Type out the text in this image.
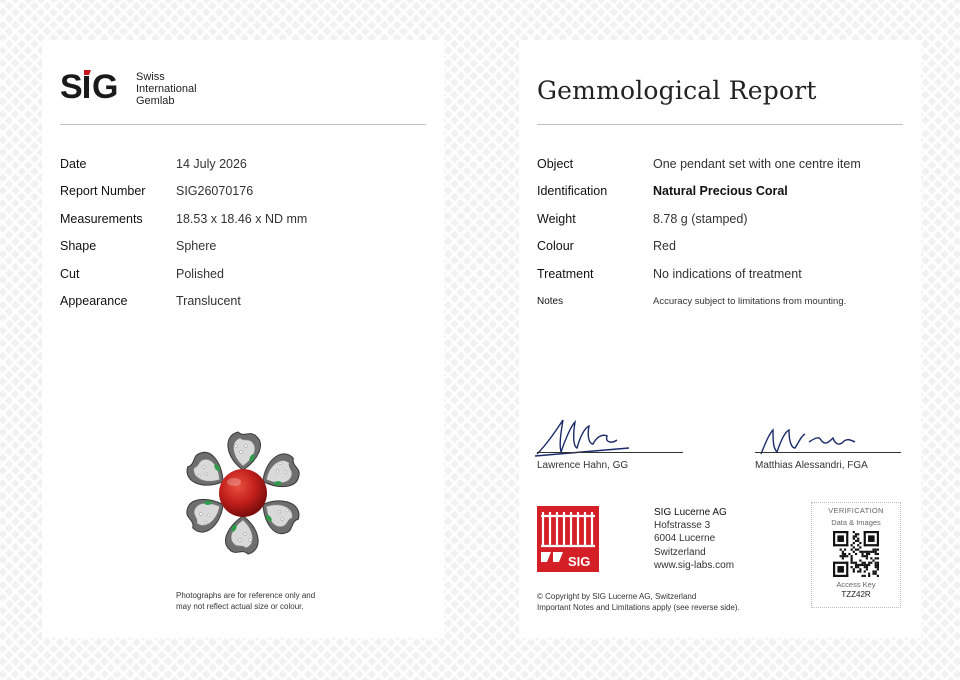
S G Swiss
International
Gemlab
Date	14 July 2026
Report Number	SIG26070176
Measurements	18.53 x 18.46 x ND mm
Shape	Sphere
Cut	Polished
Appearance	Translucent
Photographs are for reference only and
may not reflect actual size or colour.
Gemmological Report
Object	One pendant set with one centre item
Identification	Natural Precious Coral
Weight	8.78 g (stamped)
Colour	Red
Treatment	No indications of treatment
Notes	Accuracy subject to limitations from mounting.
Lawrence Hahn, GG	Matthias Alessandri, FGA
SIG
SIG Lucerne AG
Hofstrasse 3
6004 Lucerne
Switzerland
www.sig-labs.com
VERIFICATION
Data & Images
Access Key
TZZ42R
© Copyright by SIG Lucerne AG, Switzerland
Important Notes and Limitations apply (see reverse side).
